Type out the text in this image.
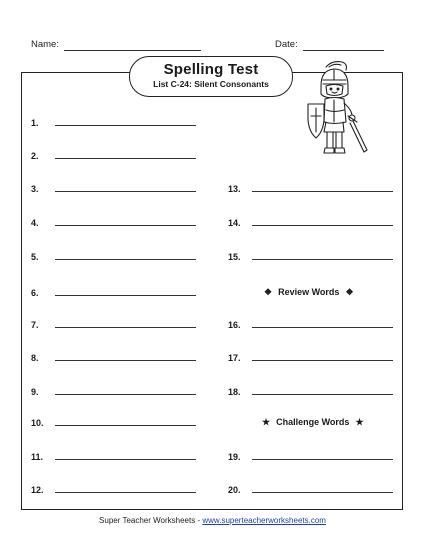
Name:	Date:
Spelling Test
List C-24: Silent Consonants
1.
2.
3.
4.
5.
6.
7.
8.
9.
10.
11.
12.
13.
14.
15.
❖ Review Words ❖
16.
17.
18.
★ Challenge Words ★
19.
20.
Super Teacher Worksheets - www.superteacherworksheets.com
